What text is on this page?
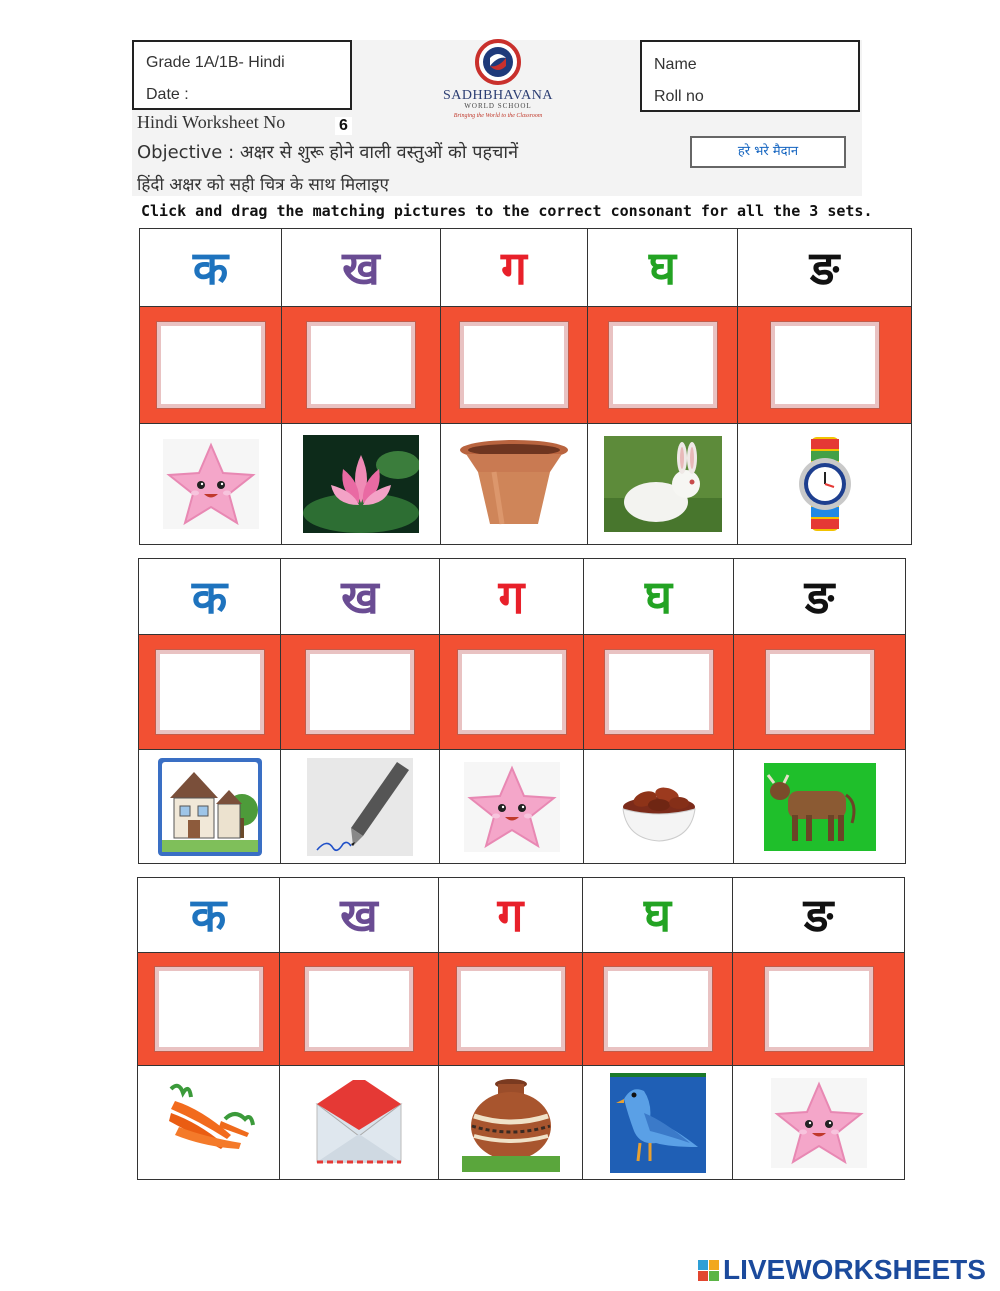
Grade 1A/1B- Hindi
Date :	SADHBHAVANA
WORLD SCHOOL
Bringing the World to the Classroom
Name
Roll no
Hindi Worksheet No	6
Objective : अक्षर से शुरू होने वाली वस्तुओं को पहचानें	हरे भरे मैदान
हिंदी अक्षर को सही चित्र के साथ मिलाइए
Click and drag the matching pictures to the correct consonant for all the 3 sets.
क	ख	ग	घ	ङ
क	ख	ग	घ	ङ
क	ख	ग	घ	ङ
LIVEWORKSHEETS
